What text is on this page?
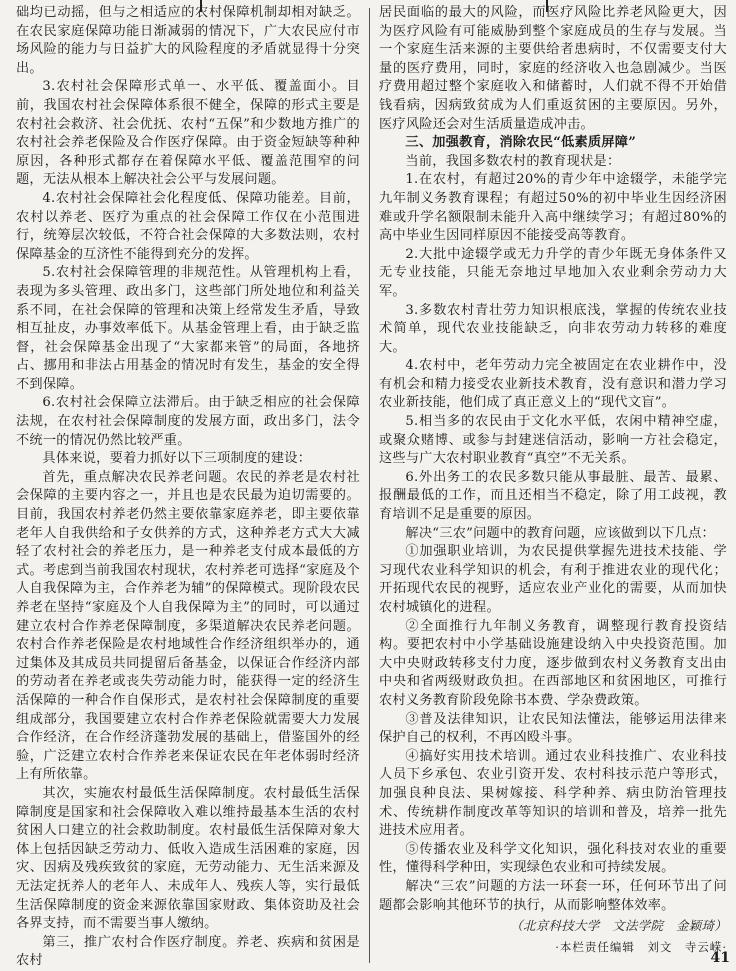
础均已动摇，但与之相适应的农村保障机制却相对缺乏。在农民家庭保障功能日渐减弱的情况下，广大农民应付市场风险的能力与日益扩大的风险程度的矛盾就显得十分突出。

3.农村社会保障形式单一、水平低、覆盖面小。目前，我国农村社会保障体系很不健全，保障的形式主要是农村社会救济、社会优抚、农村“五保”和少数地方推广的农村社会养老保险及合作医疗保障。由于资金短缺等种种原因，各种形式都存在着保障水平低、覆盖范围窄的问题，无法从根本上解决社会公平与发展问题。

4.农村社会保障社会化程度低、保障功能差。目前，农村以养老、医疗为重点的社会保障工作仅在小范围进行，统筹层次较低，不符合社会保障的大多数法则，农村保障基金的互济性不能得到充分的发挥。

5.农村社会保障管理的非规范性。从管理机构上看，表现为多头管理、政出多门，这些部门所处地位和利益关系不同，在社会保障的管理和决策上经常发生矛盾，导致相互扯皮，办事效率低下。从基金管理上看，由于缺乏监督，社会保障基金出现了“大家都来管”的局面，各地挤占、挪用和非法占用基金的情况时有发生，基金的安全得不到保障。

6.农村社会保障立法滞后。由于缺乏相应的社会保障法规，在农村社会保障制度的发展方面，政出多门，法令不统一的情况仍然比较严重。

具体来说，要着力抓好以下三项制度的建设：

首先，重点解决农民养老问题。农民的养老是农村社会保障的主要内容之一，并且也是农民最为迫切需要的。目前，我国农村养老仍然主要依靠家庭养老，即主要依靠老年人自我供给和子女供养的方式，这种养老方式大大减轻了农村社会的养老压力，是一种养老支付成本最低的方式。考虑到当前我国农村现状，农村养老可选择“家庭及个人自我保障为主，合作养老为辅”的保障模式。现阶段农民养老在坚持“家庭及个人自我保障为主”的同时，可以通过建立农村合作养老保障制度，多渠道解决农民养老问题。农村合作养老保险是农村地域性合作经济组织举办的，通过集体及其成员共同提留后备基金，以保证合作经济内部的劳动者在养老或丧失劳动能力时，能获得一定的经济生活保障的一种合作自保形式，是农村社会保障制度的重要组成部分，我国要建立农村合作养老保险就需要大力发展合作经济，在合作经济蓬勃发展的基础上，借鉴国外的经验，广泛建立农村合作养老来保证农民在年老体弱时经济上有所依靠。

其次，实施农村最低生活保障制度。农村最低生活保障制度是国家和社会保障收入难以维持最基本生活的农村贫困人口建立的社会救助制度。农村最低生活保障对象大体上包括因缺乏劳动力、低收入造成生活困难的家庭，因灾、因病及残疾致贫的家庭，无劳动能力、无生活来源及无法定抚养人的老年人、未成年人、残疾人等，实行最低生活保障制度的资金来源依靠国家财政、集体资助及社会各界支持，而不需要当事人缴纳。

第三，推广农村合作医疗制度。养老、疾病和贫困是农村

居民面临的最大的风险，而医疗风险比养老风险更大，因为医疗风险有可能威胁到整个家庭成员的生存与发展。当一个家庭生活来源的主要供给者患病时，不仅需要支付大量的医疗费用，同时，家庭的经济收入也急剧减少。当医疗费用超过整个家庭收入和储蓄时，人们就不得不开始借钱看病，因病致贫成为人们重返贫困的主要原因。另外，医疗风险还会对生活质量造成冲击。

三、加强教育，消除农民“低素质屏障”

当前，我国多数农村的教育现状是：

1.在农村，有超过20%的青少年中途辍学，未能学完九年制义务教育课程；有超过50%的初中毕业生因经济困难或升学名额限制未能升入高中继续学习；有超过80%的高中毕业生因同样原因不能接受高等教育。

2.大批中途辍学或无力升学的青少年既无身体条件又无专业技能，只能无奈地过早地加入农业剩余劳动力大军。

3.多数农村青壮劳力知识根底浅，掌握的传统农业技术简单，现代农业技能缺乏，向非农劳动力转移的难度大。

4.农村中，老年劳动力完全被固定在农业耕作中，没有机会和精力接受农业新技术教育，没有意识和潜力学习农业新技能，他们成了真正意义上的“现代文盲”。

5.相当多的农民由于文化水平低，农闲中精神空虚，或聚众赌博、或参与封建迷信活动，影响一方社会稳定，这些与广大农村职业教育“真空”不无关系。

6.外出务工的农民多数只能从事最脏、最苦、最累、报酬最低的工作，而且还相当不稳定，除了用工歧视，教育培训不足是重要的原因。

解决“三农”问题中的教育问题，应该做到以下几点：

①加强职业培训，为农民提供掌握先进技术技能、学习现代农业科学知识的机会，有利于推进农业的现代化；开拓现代农民的视野，适应农业产业化的需要，从而加快农村城镇化的进程。

②全面推行九年制义务教育，调整现行教育投资结构。要把农村中小学基础设施建设纳入中央投资范围。加大中央财政转移支付力度，逐步做到农村义务教育支出由中央和省两级财政负担。在西部地区和贫困地区，可推行农村义务教育阶段免除书本费、学杂费政策。

③普及法律知识，让农民知法懂法，能够运用法律来保护自己的权利，不再凶殴斗事。

④搞好实用技术培训。通过农业科技推广、农业科技人员下乡承包、农业引资开发、农村科技示范户等形式，加强良种良法、果树嫁接、科学种养、病虫防治管理技术、传统耕作制度改革等知识的培训和普及，培养一批先进技术应用者。

⑤传播农业及科学文化知识，强化科技对农业的重要性，懂得科学种田，实现绿色农业和可持续发展。

解决“三农”问题的方法一环套一环，任何环节出了问题都会影响其他环节的执行，从而影响整体效率。

（北京科技大学　文法学院　金颖琦）

·本栏责任编辑　刘文　寺云嵘·

41
